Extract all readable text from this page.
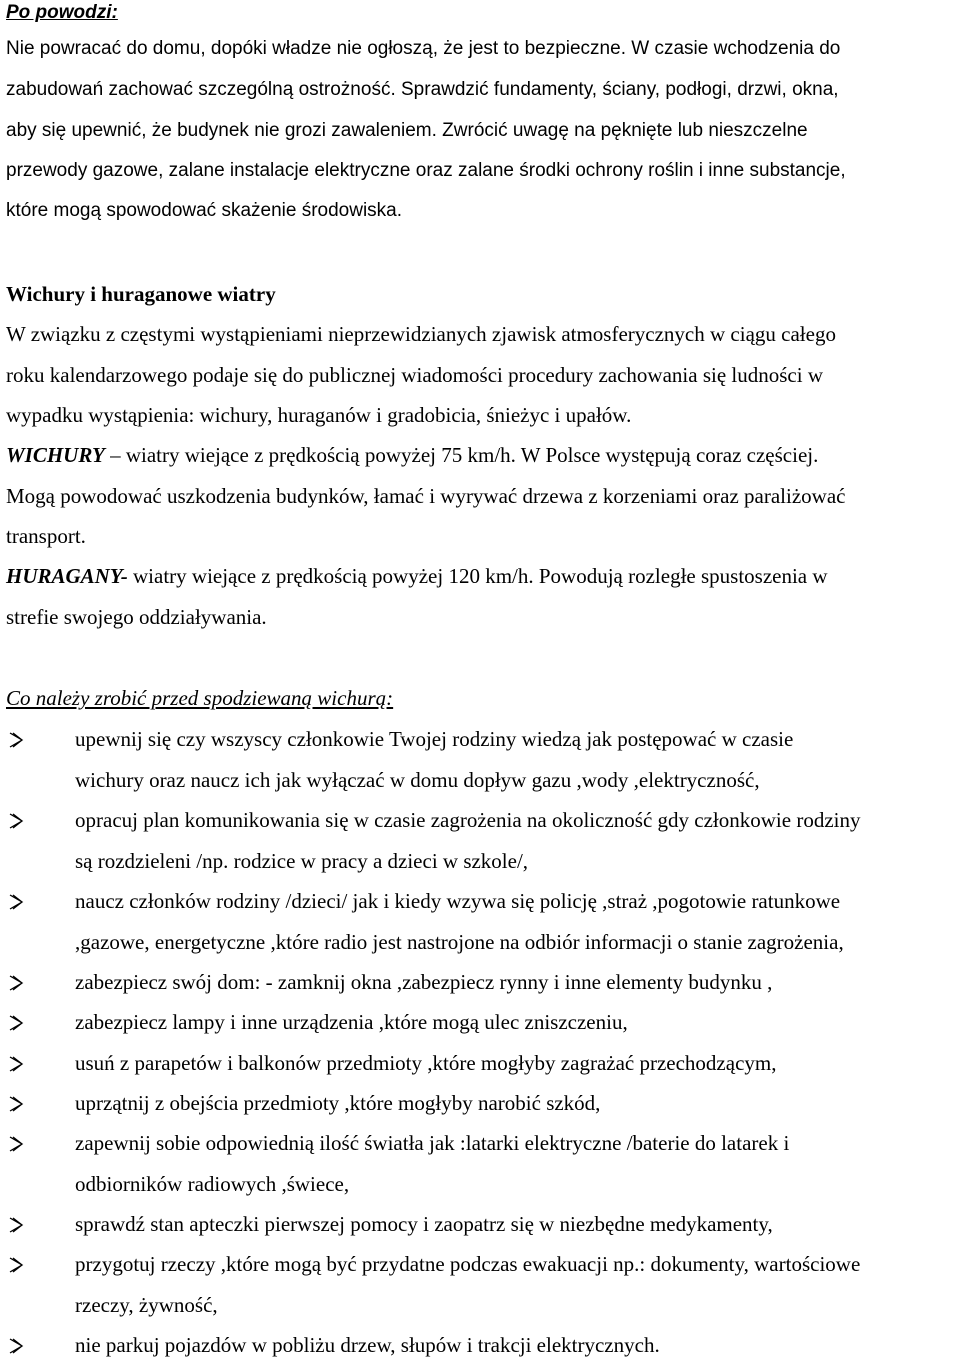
Po powodzi:
Nie powracać do domu, dopóki władze nie ogłoszą, że jest to bezpieczne. W czasie wchodzenia do
zabudowań zachować szczególną ostrożność. Sprawdzić fundamenty, ściany, podłogi, drzwi, okna,
aby się upewnić, że budynek nie grozi zawaleniem. Zwrócić uwagę na pęknięte lub nieszczelne
przewody gazowe, zalane instalacje elektryczne oraz zalane środki ochrony roślin i inne substancje,
które mogą spowodować skażenie środowiska.
Wichury i huraganowe wiatry
W związku z częstymi wystąpieniami nieprzewidzianych zjawisk atmosferycznych w ciągu całego
roku kalendarzowego podaje się do publicznej wiadomości procedury zachowania się ludności w
wypadku wystąpienia: wichury, huraganów i gradobicia, śnieżyc i upałów.
WICHURY – wiatry wiejące z prędkością powyżej 75 km/h. W Polsce występują coraz częściej.
Mogą powodować uszkodzenia budynków, łamać i wyrywać drzewa z korzeniami oraz paraliżować
transport.
HURAGANY- wiatry wiejące z prędkością powyżej 120 km/h. Powodują rozległe spustoszenia w
strefie swojego oddziaływania.
Co należy zrobić przed spodziewaną wichurą:
upewnij się czy wszyscy członkowie Twojej rodziny wiedzą jak postępować w czasie
wichury oraz naucz ich jak wyłączać w domu dopływ gazu ,wody ,elektryczność,
opracuj plan komunikowania się w czasie zagrożenia na okoliczność gdy członkowie rodziny
są rozdzieleni /np. rodzice w pracy a dzieci w szkole/,
naucz członków rodziny /dzieci/ jak i kiedy wzywa się policję ,straż ,pogotowie ratunkowe
,gazowe, energetyczne ,które radio jest nastrojone na odbiór informacji o stanie zagrożenia,
zabezpiecz swój dom: - zamknij okna ,zabezpiecz rynny i inne elementy budynku ,
zabezpiecz lampy i inne urządzenia ,które mogą ulec zniszczeniu,
usuń z parapetów i balkonów przedmioty ,które mogłyby zagrażać przechodzącym,
uprzątnij z obejścia przedmioty ,które mogłyby narobić szkód,
zapewnij sobie odpowiednią ilość światła jak :latarki elektryczne /baterie do latarek i
odbiorników radiowych ,świece,
sprawdź stan apteczki pierwszej pomocy i zaopatrz się w niezbędne medykamenty,
przygotuj rzeczy ,które mogą być przydatne podczas ewakuacji np.: dokumenty, wartościowe
rzeczy, żywność,
nie parkuj pojazdów w pobliżu drzew, słupów i trakcji elektrycznych.
